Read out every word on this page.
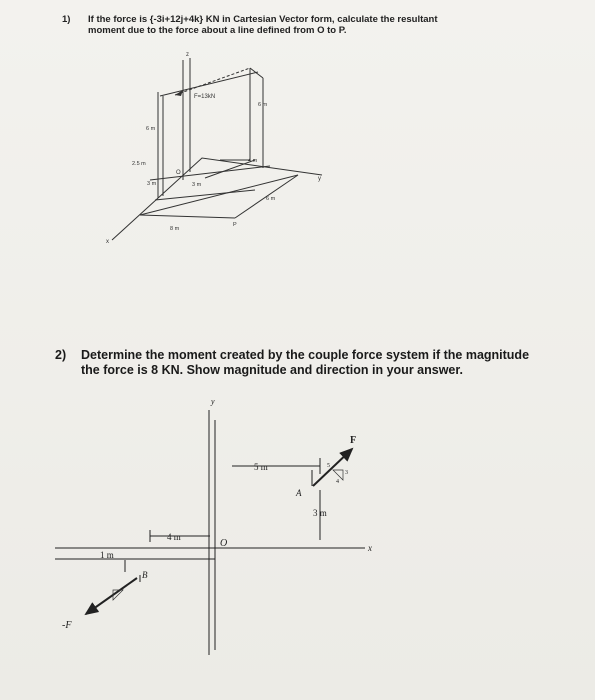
1) If the force is {-3i+12j+4k} KN in Cartesian Vector form, calculate the resultant
moment due to the force about a line defined from O to P.
F=13kN
6 m
6 m
2.5 m
O
3 m	3 m
4 m
6 m
8 m
P
x
y
z
2) Determine the moment created by the couple force system if the magnitude
the force is 8 KN. Show magnitude and direction in your answer.
y
x
F
-F
5 m
4 m
3 m
1 m
A
B
O
5
3
4
